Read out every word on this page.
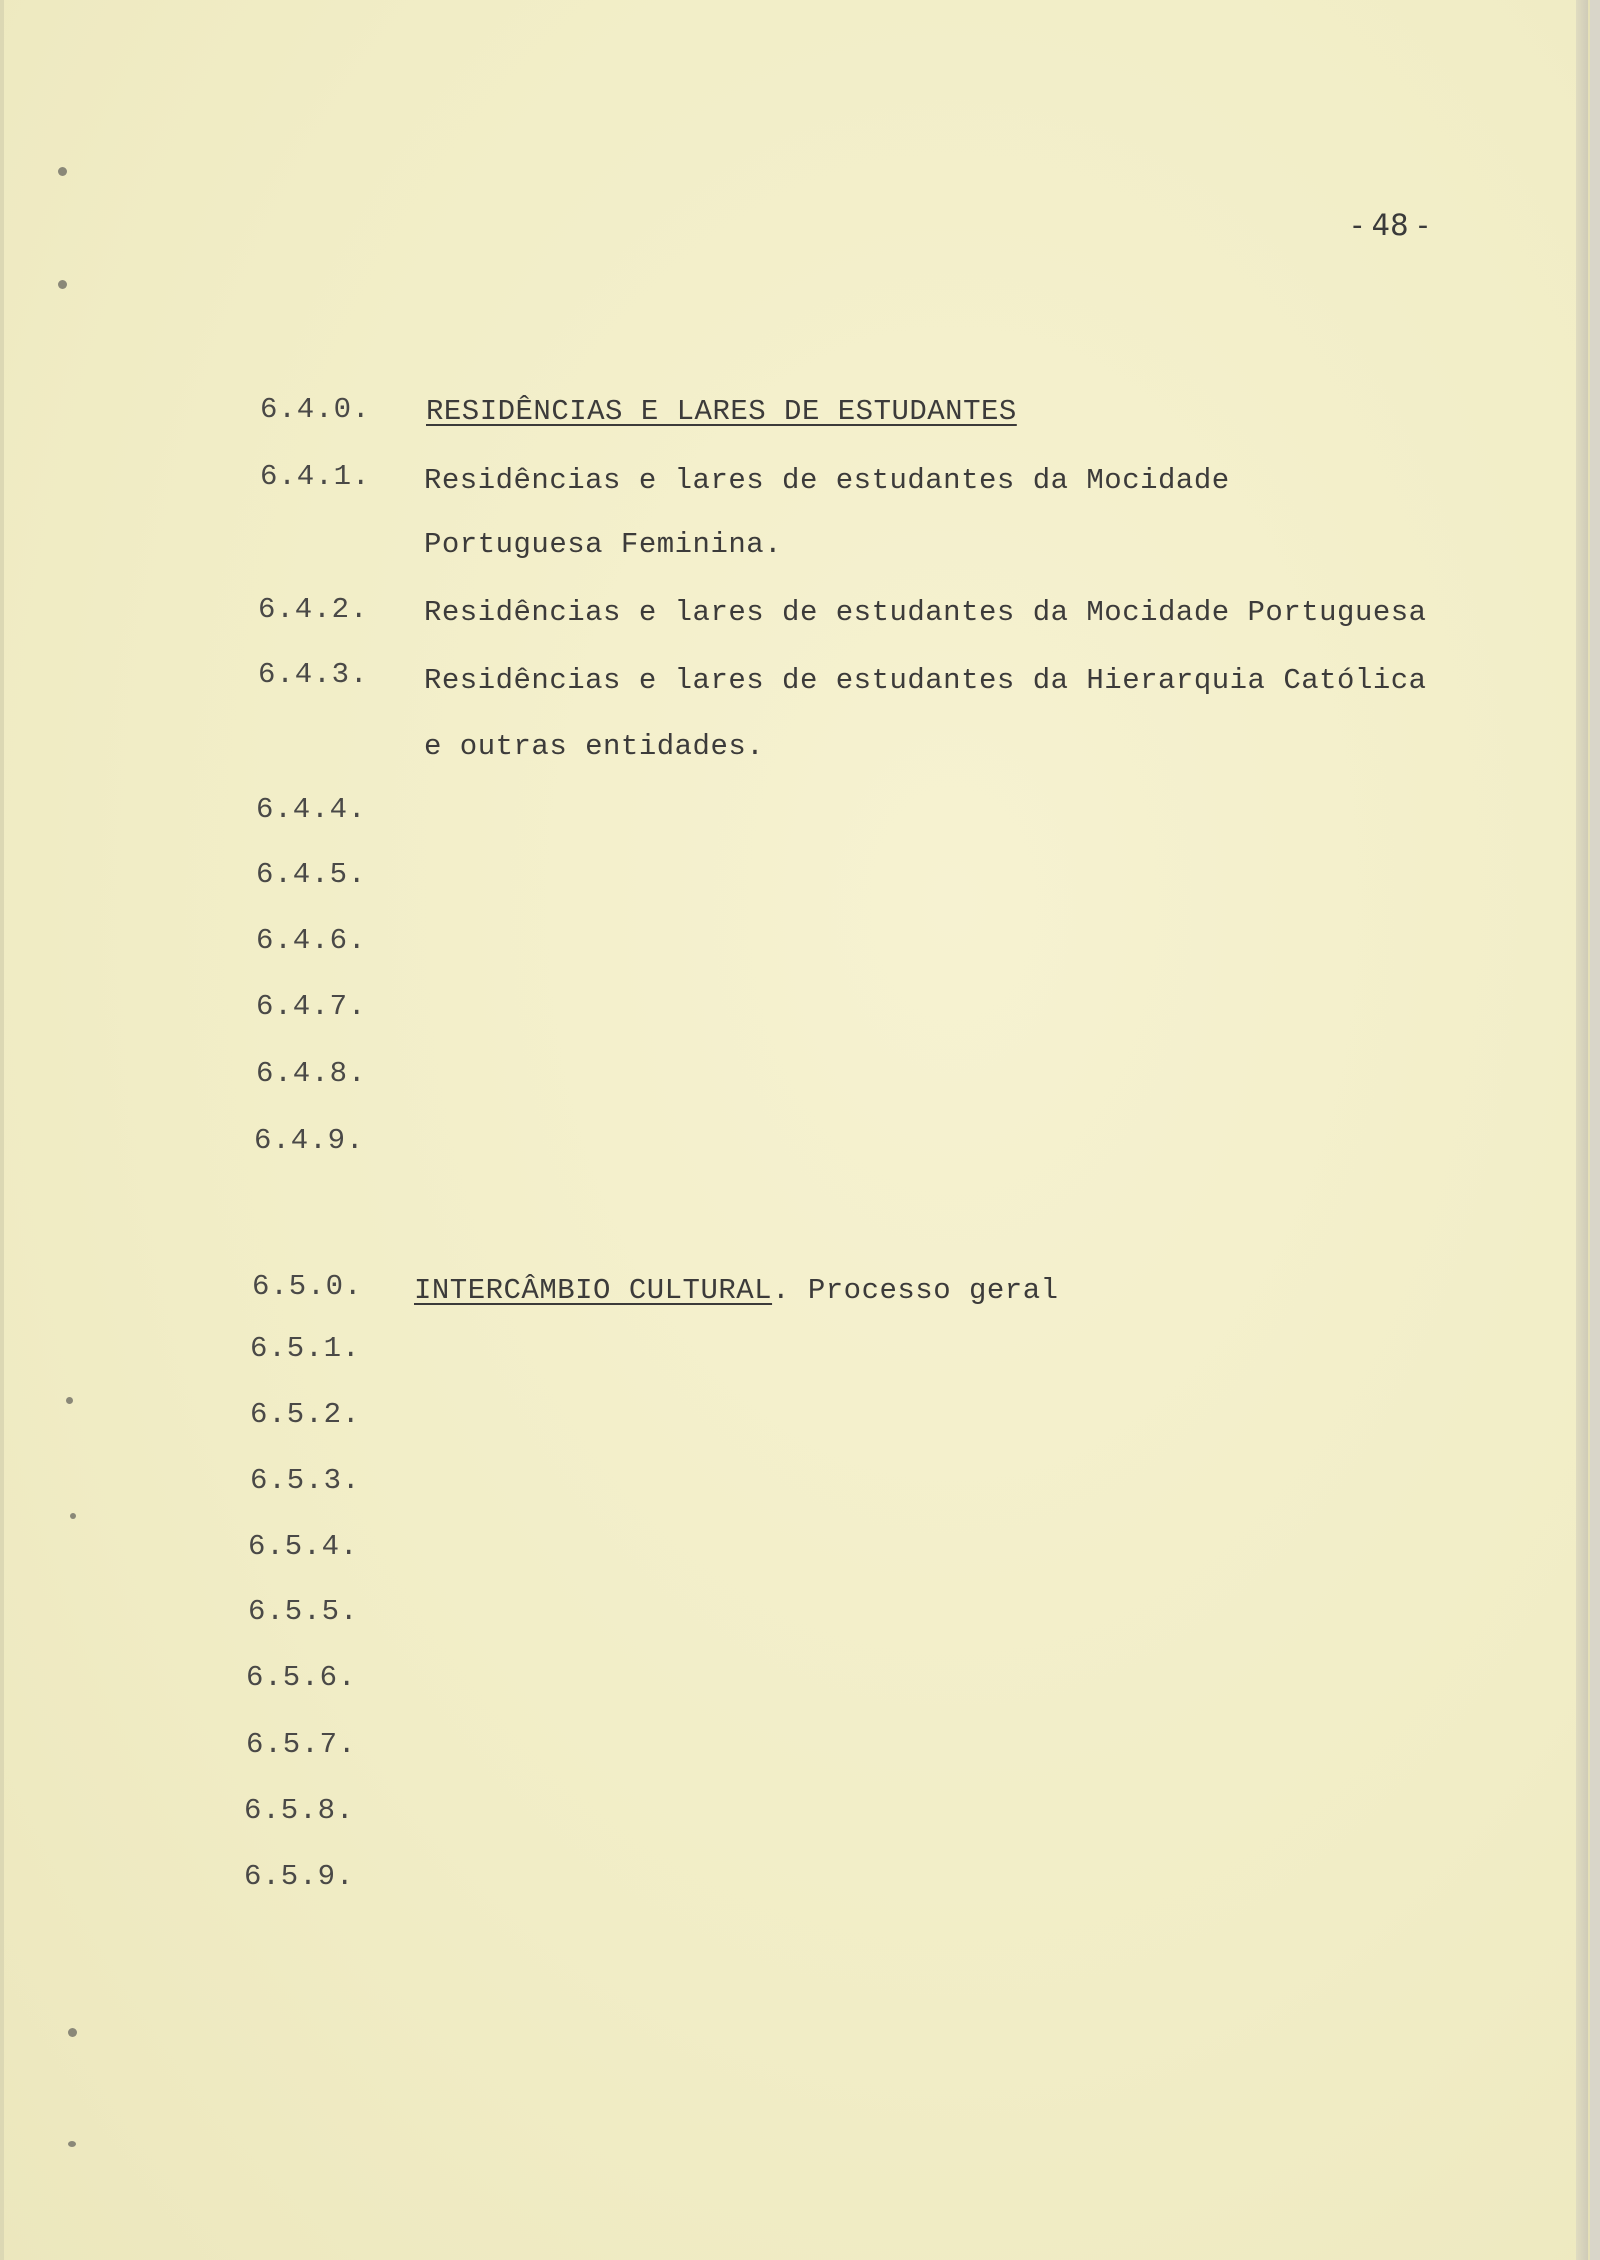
- 48 -
6.4.0. RESIDÊNCIAS E LARES DE ESTUDANTES
6.4.1. Residências e lares de estudantes da Mocidade
Portuguesa Feminina.
6.4.2. Residências e lares de estudantes da Mocidade Portuguesa
6.4.3. Residências e lares de estudantes da Hierarquia Católica
e outras entidades.
6.4.4.
6.4.5.
6.4.6.
6.4.7.
6.4.8.
6.4.9.
6.5.0. INTERCÂMBIO CULTURAL. Processo geral
6.5.1.
6.5.2.
6.5.3.
6.5.4.
6.5.5.
6.5.6.
6.5.7.
6.5.8.
6.5.9.
